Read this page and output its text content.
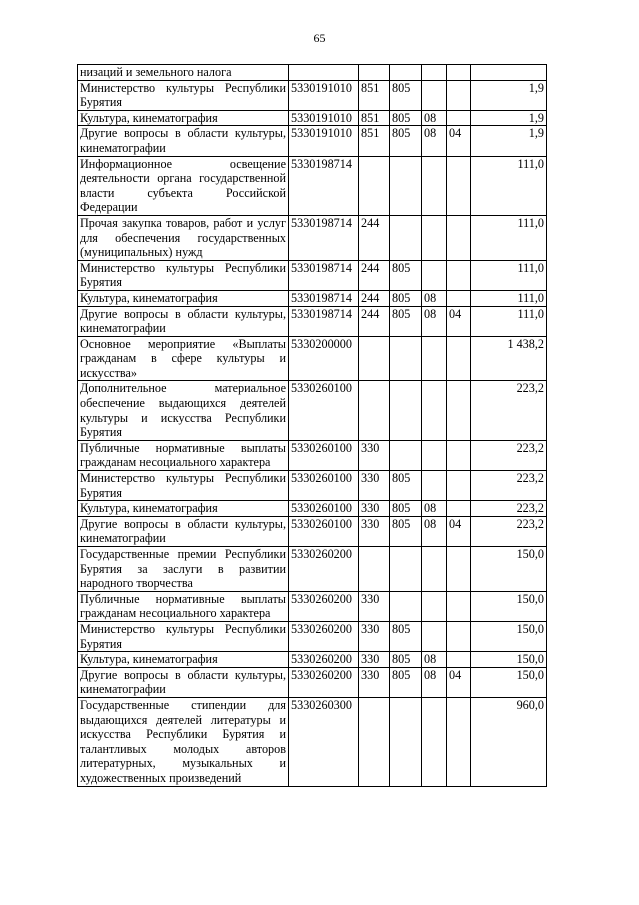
65
низаций и земельного налога						
Министерство культуры Республики Бурятия	5330191010	851	805			1,9
Культура, кинематография	5330191010	851	805	08		1,9
Другие вопросы в области культуры, кинематографии	5330191010	851	805	08	04	1,9
Информационное освещение деятельности органа государственной власти субъекта Российской Федерации	5330198714					111,0
Прочая закупка товаров, работ и услуг для обеспечения государственных (муниципальных) нужд	5330198714	244				111,0
Министерство культуры Республики Бурятия	5330198714	244	805			111,0
Культура, кинематография	5330198714	244	805	08		111,0
Другие вопросы в области культуры, кинематографии	5330198714	244	805	08	04	111,0
Основное мероприятие «Выплаты гражданам в сфере культуры и искусства»	5330200000					1 438,2
Дополнительное материальное обеспечение выдающихся деятелей культуры и искусства Республики Бурятия	5330260100					223,2
Публичные нормативные выплаты гражданам несоциального характера	5330260100	330				223,2
Министерство культуры Республики Бурятия	5330260100	330	805			223,2
Культура, кинематография	5330260100	330	805	08		223,2
Другие вопросы в области культуры, кинематографии	5330260100	330	805	08	04	223,2
Государственные премии Республики Бурятия за заслуги в развитии народного творчества	5330260200					150,0
Публичные нормативные выплаты гражданам несоциального характера	5330260200	330				150,0
Министерство культуры Республики Бурятия	5330260200	330	805			150,0
Культура, кинематография	5330260200	330	805	08		150,0
Другие вопросы в области культуры, кинематографии	5330260200	330	805	08	04	150,0
Государственные стипендии для выдающихся деятелей литературы и искусства Республики Бурятия и талантливых молодых авторов литературных, музыкальных и художественных произведений	5330260300					960,0
